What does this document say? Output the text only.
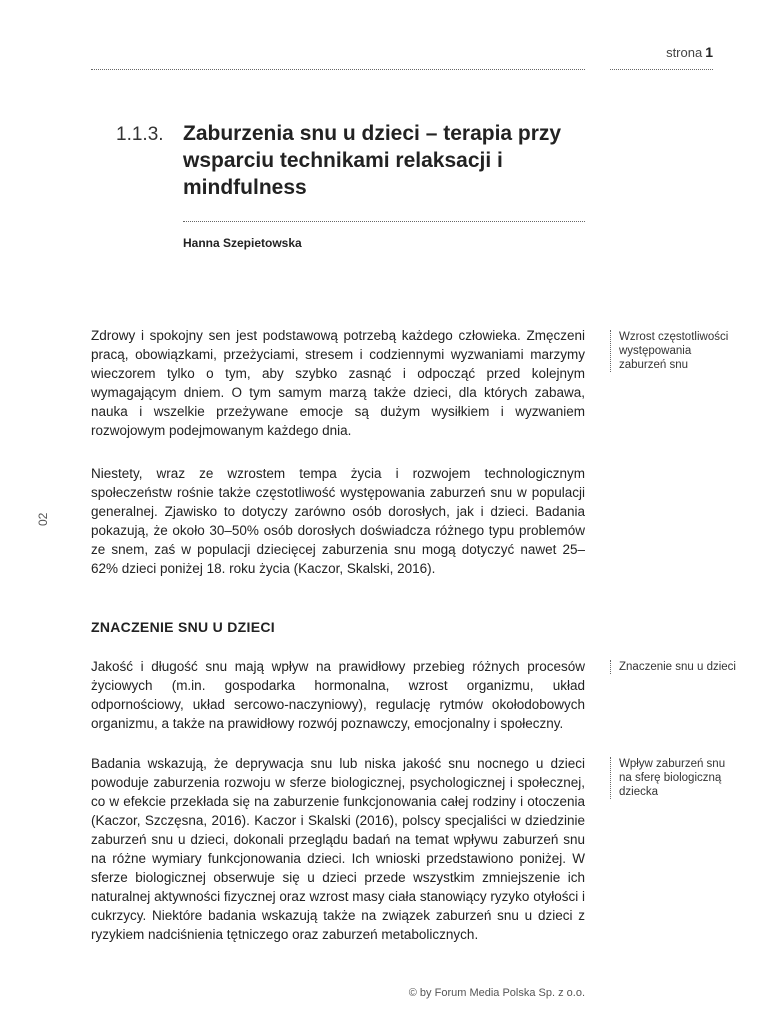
strona 1
1.1.3. Zaburzenia snu u dzieci – terapia przy wsparciu technikami relaksacji i mindfulness
Hanna Szepietowska
02
Zdrowy i spokojny sen jest podstawową potrzebą każdego człowieka. Zmęczeni pracą, obowiązkami, przeżyciami, stresem i codziennymi wyzwaniami marzymy wieczorem tylko o tym, aby szybko zasnąć i odpocząć przed kolejnym wymagającym dniem. O tym samym marzą także dzieci, dla których zabawa, nauka i wszelkie przeżywane emocje są dużym wysiłkiem i wyzwaniem rozwojowym podejmowanym każdego dnia.
Niestety, wraz ze wzrostem tempa życia i rozwojem technologicznym społeczeństw rośnie także częstotliwość występowania zaburzeń snu w populacji generalnej. Zjawisko to dotyczy zarówno osób dorosłych, jak i dzieci. Badania pokazują, że około 30–50% osób dorosłych doświadcza różnego typu problemów ze snem, zaś w populacji dziecięcej zaburzenia snu mogą dotyczyć nawet 25–62% dzieci poniżej 18. roku życia (Kaczor, Skalski, 2016).
ZNACZENIE SNU U DZIECI
Jakość i długość snu mają wpływ na prawidłowy przebieg różnych procesów życiowych (m.in. gospodarka hormonalna, wzrost organizmu, układ odpornościowy, układ sercowo-naczyniowy), regulację rytmów okołodobowych organizmu, a także na prawidłowy rozwój poznawczy, emocjonalny i społeczny.
Badania wskazują, że deprywacja snu lub niska jakość snu nocnego u dzieci powoduje zaburzenia rozwoju w sferze biologicznej, psychologicznej i społecznej, co w efekcie przekłada się na zaburzenie funkcjonowania całej rodziny i otoczenia (Kaczor, Szczęsna, 2016). Kaczor i Skalski (2016), polscy specjaliści w dziedzinie zaburzeń snu u dzieci, dokonali przeglądu badań na temat wpływu zaburzeń snu na różne wymiary funkcjonowania dzieci. Ich wnioski przedstawiono poniżej. W sferze biologicznej obserwuje się u dzieci przede wszystkim zmniejszenie ich naturalnej aktywności fizycznej oraz wzrost masy ciała stanowiący ryzyko otyłości i cukrzycy. Niektóre badania wskazują także na związek zaburzeń snu u dzieci z ryzykiem nadciśnienia tętniczego oraz zaburzeń metabolicznych.
Wzrost częstotliwości występowania zaburzeń snu
Znaczenie snu u dzieci
Wpływ zaburzeń snu na sferę biologiczną dziecka
© by Forum Media Polska Sp. z o.o.
